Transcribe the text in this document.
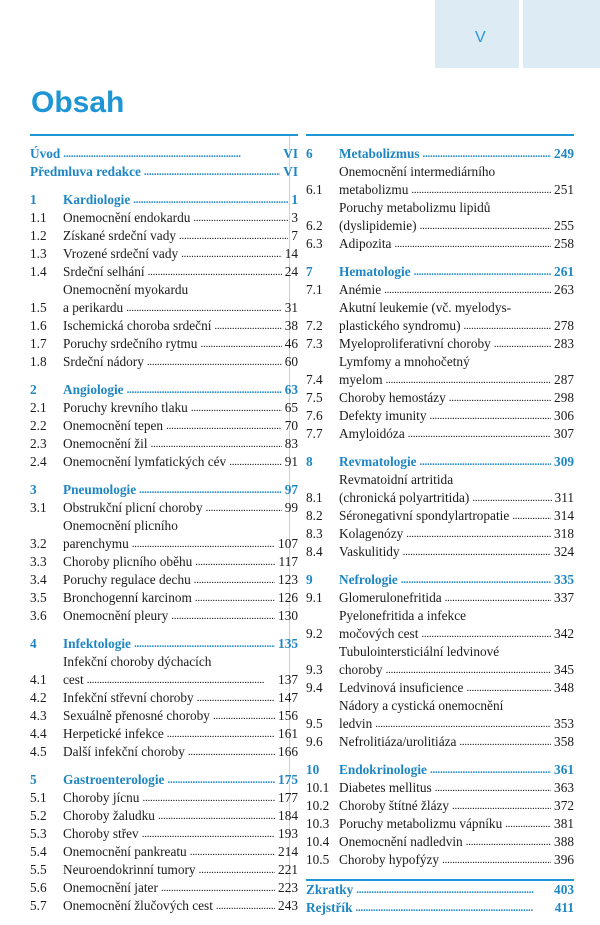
V
Obsah
Úvod . . .	VI
Předmluva redakce . . .	VI
1	Kardiologie . . .	1
1.1	Onemocnění endokardu . . .	3
1.2	Získané srdeční vady . . .	7
1.3	Vrozené srdeční vady . . .	14
1.4	Srdeční selhání . . .	24
1.5
Onemocnění myokardu
a perikardu . . .	31
1.6	Ischemická choroba srdeční . . .	38
1.7	Poruchy srdečního rytmu . . .	46
1.8	Srdeční nádory . . .	60
2	Angiologie . . .	63
2.1	Poruchy krevního tlaku . . .	65
2.2	Onemocnění tepen . . .	70
2.3	Onemocnění žil . . .	83
2.4	Onemocnění lymfatických cév . . .	91
3	Pneumologie . . .	97
3.1	Obstrukční plicní choroby . . .	99
3.2
Onemocnění plicního
parenchymu . . .	107
3.3	Choroby plicního oběhu . . .	117
3.4	Poruchy regulace dechu . . .	123
3.5	Bronchogenní karcinom . . .	126
3.6	Onemocnění pleury . . .	130
4	Infektologie . . .	135
4.1
Infekční choroby dýchacích
cest . . .	137
4.2	Infekční střevní choroby . . .	147
4.3	Sexuálně přenosné choroby . . .	156
4.4	Herpetické infekce . . .	161
4.5	Další infekční choroby . . .	166
5	Gastroenterologie . . .	175
5.1	Choroby jícnu . . .	177
5.2	Choroby žaludku . . .	184
5.3	Choroby střev . . .	193
5.4	Onemocnění pankreatu . . .	214
5.5	Neuroendokrinní tumory . . .	221
5.6	Onemocnění jater . . .	223
5.7	Onemocnění žlučových cest . . .	243
6	Metabolizmus . . .	249
6.1
Onemocnění intermediárního
metabolizmu . . .	251
6.2
Poruchy metabolizmu lipidů
(dyslipidemie) . . .	255
6.3	Adipozita . . .	258
7	Hematologie . . .	261
7.1	Anémie . . .	263
7.2
Akutní leukemie (vč. myelodys-
plastického syndromu) . . .	278
7.3	Myeloproliferativní choroby . . .	283
7.4
Lymfomy a mnohočetný
myelom . . .	287
7.5	Choroby hemostázy . . .	298
7.6	Defekty imunity . . .	306
7.7	Amyloidóza . . .	307
8	Revmatologie . . .	309
8.1
Revmatoidní artritida
(chronická polyartritida) . . .	311
8.2	Séronegativní spondylartropatie . . .	314
8.3	Kolagenózy . . .	318
8.4	Vaskulitidy . . .	324
9	Nefrologie . . .	335
9.1	Glomerulonefritida . . .	337
9.2
Pyelonefritida a infekce
močových cest . . .	342
9.3
Tubulointersticiální ledvinové
choroby . . .	345
9.4	Ledvinová insuficience . . .	348
9.5
Nádory a cystická onemocnění
ledvin . . .	353
9.6	Nefrolitiáza/urolitiáza . . .	358
10	Endokrinologie . . .	361
10.1 Diabetes mellitus . . .	363
10.2 Choroby štítné žlázy . . .	372
10.3 Poruchy metabolizmu vápníku . . .	381
10.4 Onemocnění nadledvin . . .	388
10.5 Choroby hypofýzy . . .	396
Zkratky . . .	403
Rejstřík . . .	411
